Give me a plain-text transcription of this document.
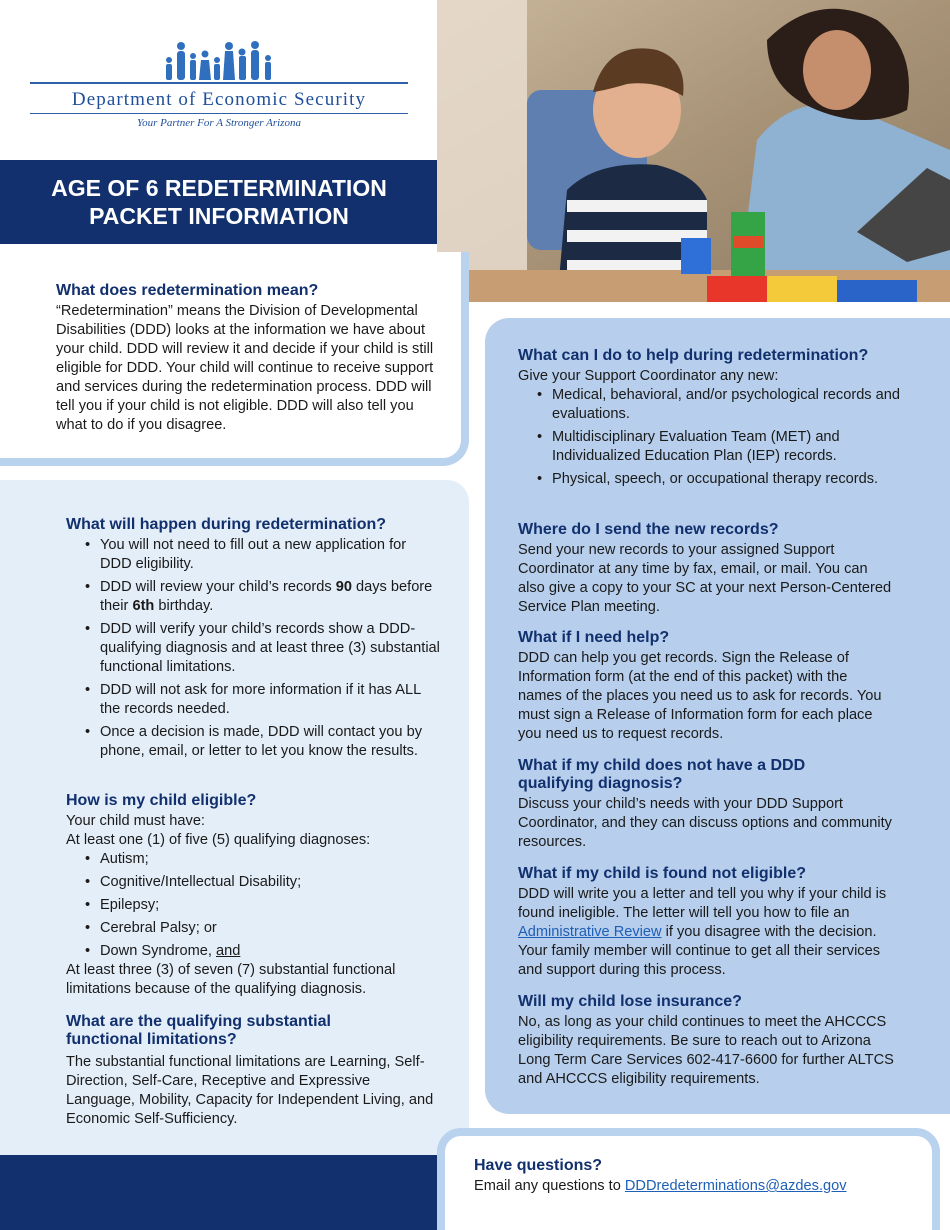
Department of Economic Security
Your Partner For A Stronger Arizona
AGE OF 6 REDETERMINATION
PACKET INFORMATION
What does redetermination mean?

“Redetermination” means the Division of Developmental Disabilities (DDD) looks at the information we have about your child. DDD will review it and decide if your child is still eligible for DDD. Your child will continue to receive support and services during the redetermination process. DDD will tell you if your child is not eligible. DDD will also tell you what to do if you disagree.

What will happen during redetermination?
• You will not need to fill out a new application for DDD eligibility.
• DDD will review your child’s records 90 days before their 6th birthday.
• DDD will verify your child’s records show a DDD-qualifying diagnosis and at least three (3) substantial functional limitations.
• DDD will not ask for more information if it has ALL the records needed.
• Once a decision is made, DDD will contact you by phone, email, or letter to let you know the results.
How is my child eligible?

Your child must have:

At least one (1) of five (5) qualifying diagnoses:

• Autism;
• Cognitive/Intellectual Disability;
• Epilepsy;
• Cerebral Palsy; or
• Down Syndrome, and

At least three (3) of seven (7) substantial functional limitations because of the qualifying diagnosis.

What are the qualifying substantial functional limitations?

The substantial functional limitations are Learning, Self-Direction, Self-Care, Receptive and Expressive Language, Mobility, Capacity for Independent Living, and Economic Self-Sufficiency.

What can I do to help during redetermination?

Give your Support Coordinator any new:

• Medical, behavioral, and/or psychological records and evaluations.
• Multidisciplinary Evaluation Team (MET) and Individualized Education Plan (IEP) records.
• Physical, speech, or occupational therapy records.
Where do I send the new records?

Send your new records to your assigned Support Coordinator at any time by fax, email, or mail. You can also give a copy to your SC at your next Person-Centered Service Plan meeting.

What if I need help?

DDD can help you get records. Sign the Release of Information form (at the end of this packet) with the names of the places you need us to ask for records. You must sign a Release of Information form for each place you need us to request records.

What if my child does not have a DDD qualifying diagnosis?

Discuss your child’s needs with your DDD Support Coordinator, and they can discuss options and community resources.

What if my child is found not eligible?

DDD will write you a letter and tell you why if your child is found ineligible. The letter will tell you how to file an Administrative Review if you disagree with the decision. Your family member will continue to get all their services and support during this process.

Will my child lose insurance?

No, as long as your child continues to meet the AHCCCS eligibility requirements. Be sure to reach out to Arizona Long Term Care Services 602-417-6600 for further ALTCS and AHCCCS eligibility requirements.

Have questions?

Email any questions to DDDredeterminations@azdes.gov
